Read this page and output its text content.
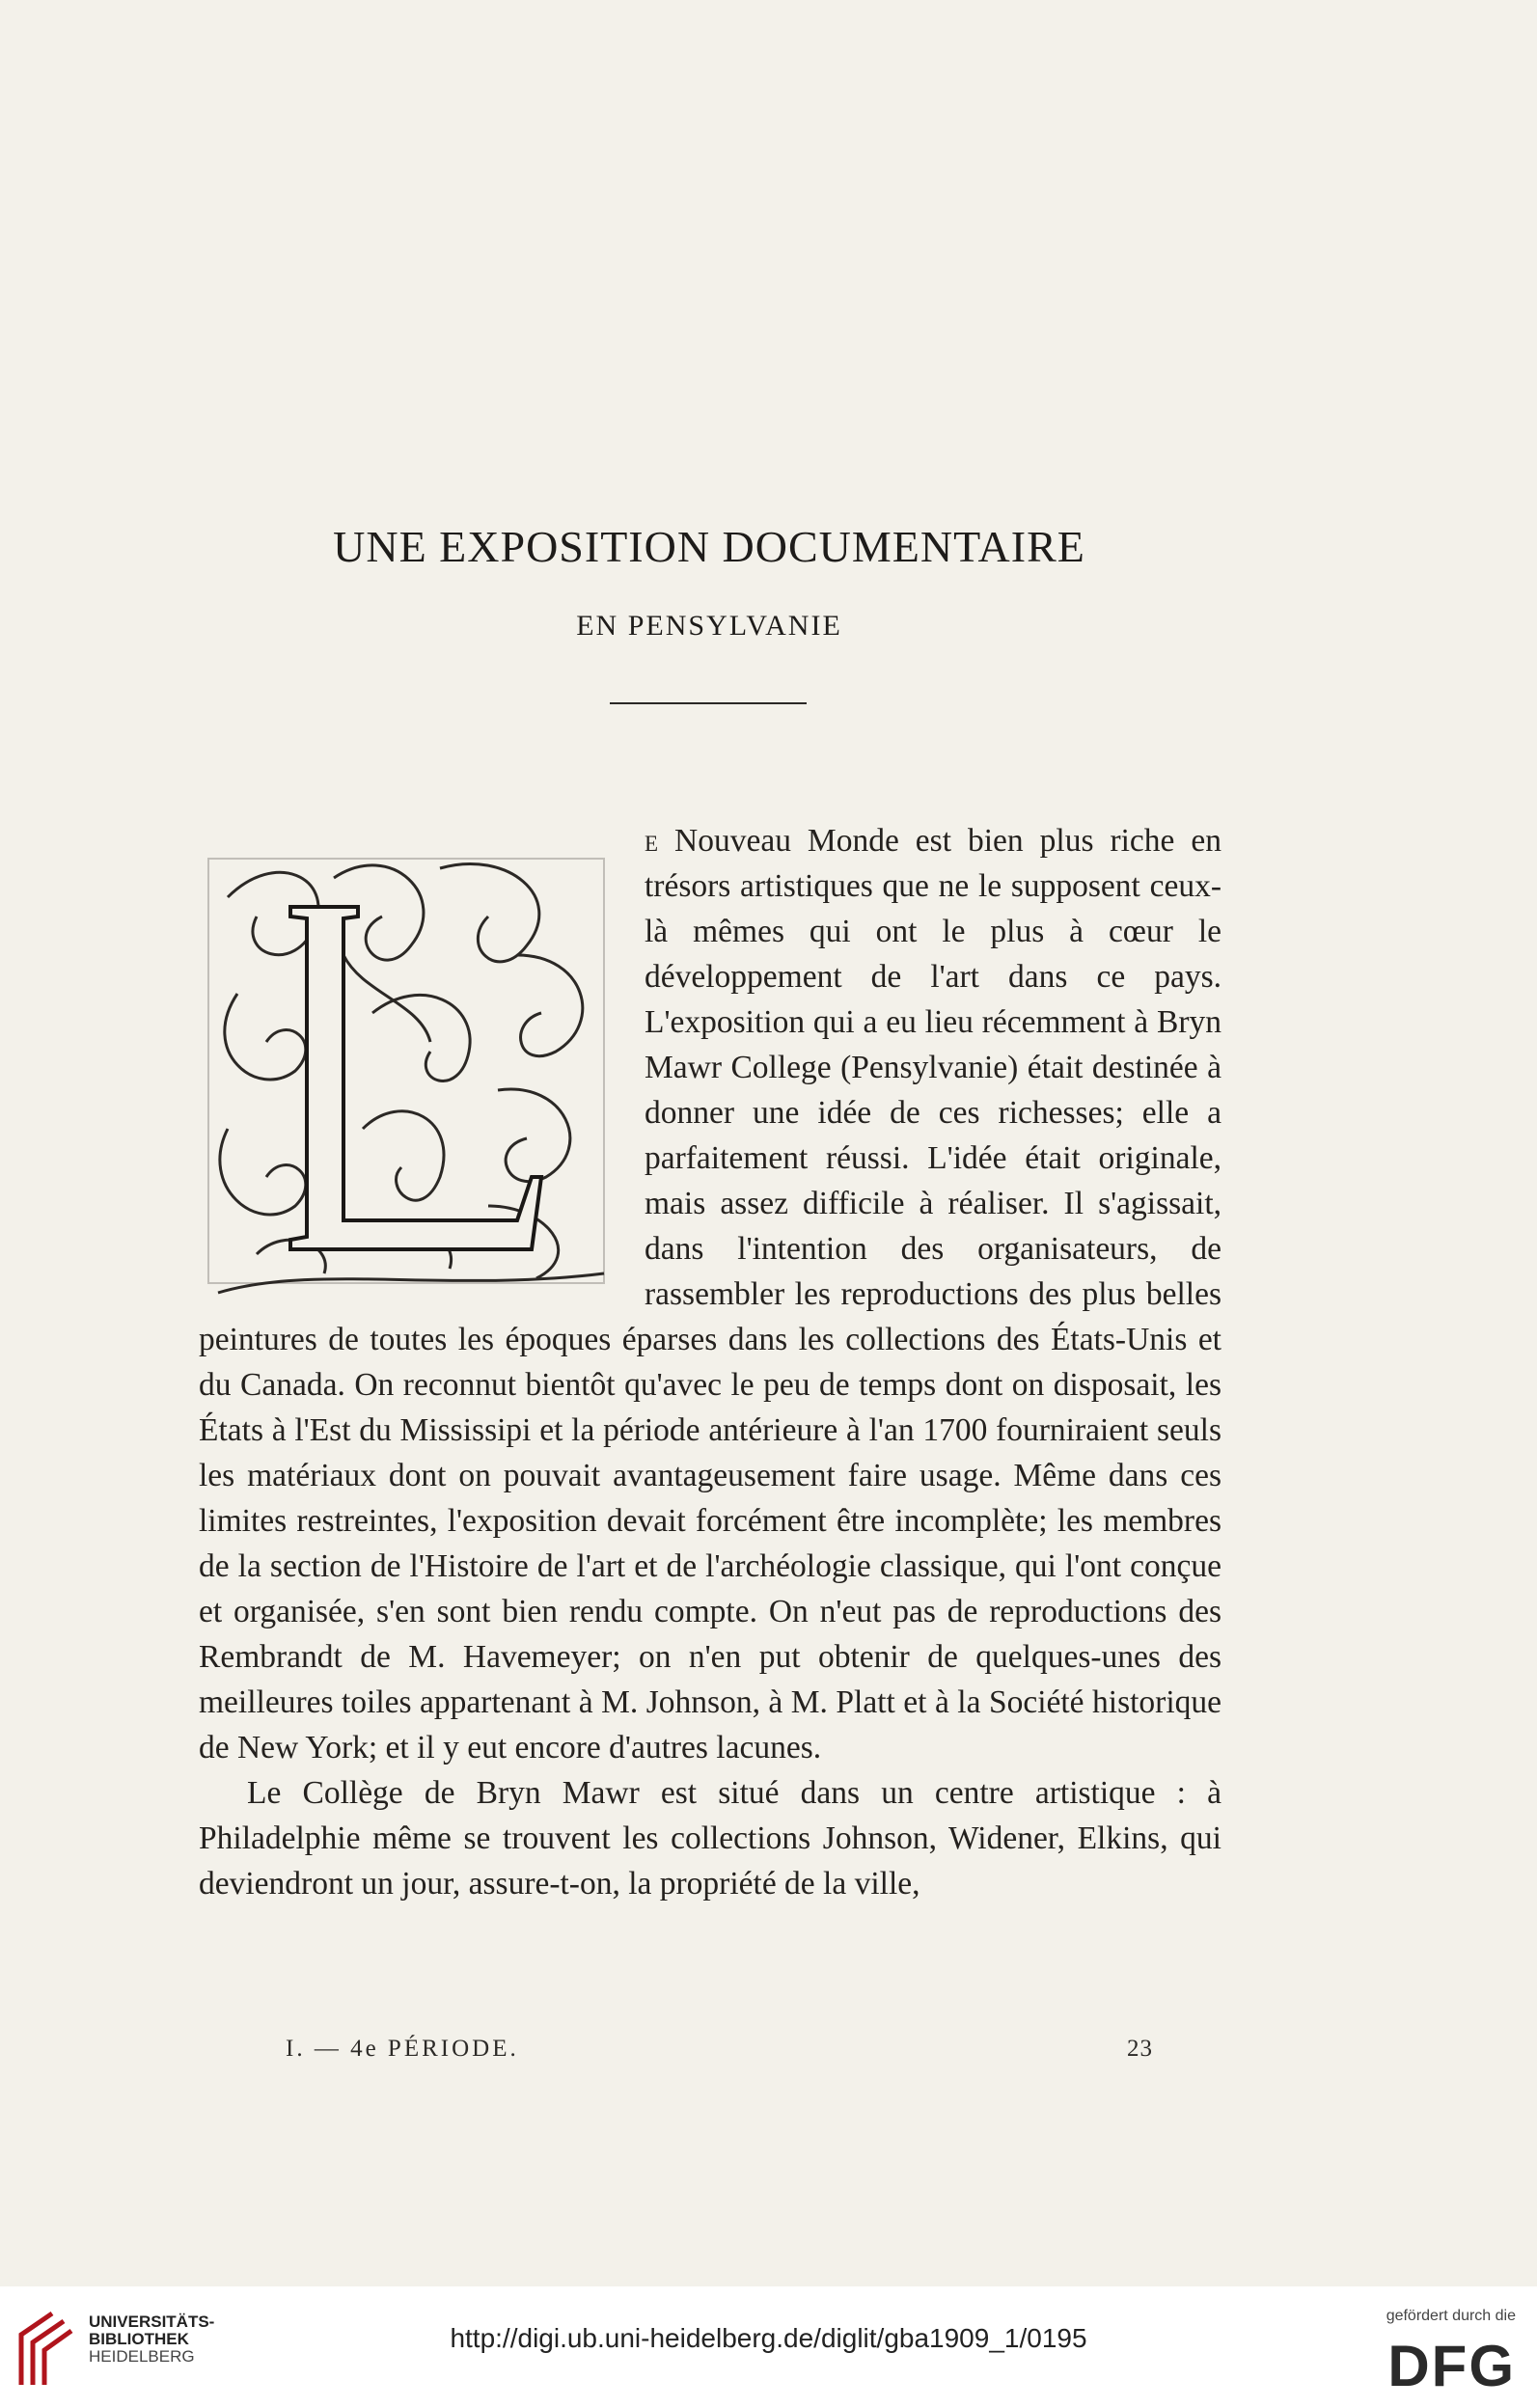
UNE EXPOSITION DOCUMENTAIRE
EN PENSYLVANIE

e Nouveau Monde est bien plus riche en trésors artistiques que ne le supposent ceux-là mêmes qui ont le plus à cœur le développement de l'art dans ce pays. L'exposition qui a eu lieu récemment à Bryn Mawr College (Pensylvanie) était destinée à donner une idée de ces richesses; elle a parfaitement réussi. L'idée était originale, mais assez difficile à réaliser. Il s'agissait, dans l'intention des organisateurs, de rassembler les reproductions des plus belles peintures de toutes les époques éparses dans les collections des États-Unis et du Canada. On reconnut bientôt qu'avec le peu de temps dont on disposait, les États à l'Est du Mississipi et la période antérieure à l'an 1700 fourniraient seuls les matériaux dont on pouvait avantageusement faire usage. Même dans ces limites restreintes, l'exposition devait forcément être incomplète; les membres de la section de l'Histoire de l'art et de l'archéologie classique, qui l'ont conçue et organisée, s'en sont bien rendu compte. On n'eut pas de reproductions des Rembrandt de M. Havemeyer; on n'en put obtenir de quelques-unes des meilleures toiles appartenant à M. Johnson, à M. Platt et à la Société historique de New York; et il y eut encore d'autres lacunes.

Le Collège de Bryn Mawr est situé dans un centre artistique : à Philadelphie même se trouvent les collections Johnson, Widener, Elkins, qui deviendront un jour, assure-t-on, la propriété de la ville,

I. — 4e PÉRIODE.	23
UNIVERSITÄTS-
BIBLIOTHEK
HEIDELBERG
http://digi.ub.uni-heidelberg.de/diglit/gba1909_1/0195
gefördert durch die
DFG
